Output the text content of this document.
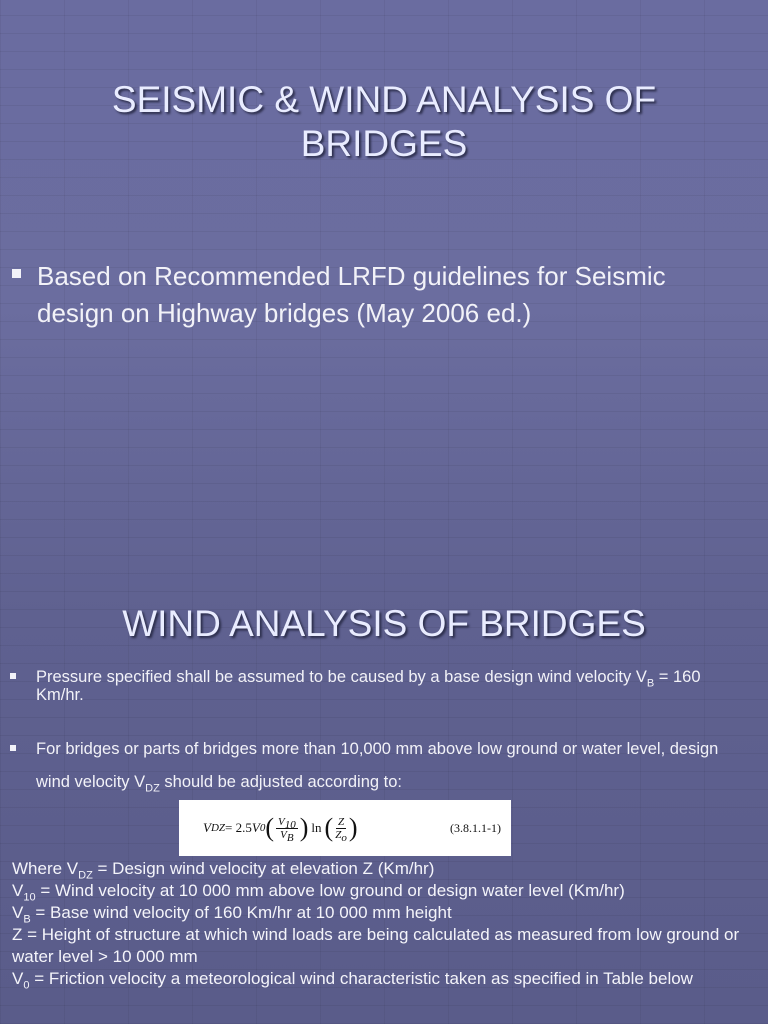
SEISMIC & WIND ANALYSIS OF BRIDGES
Based on Recommended LRFD guidelines for Seismic design on Highway bridges (May 2006 ed.)
WIND ANALYSIS OF BRIDGES
Pressure specified shall be assumed to be caused by a base design wind velocity $V_B = 160$ Km/hr.
For bridges or parts of bridges more than 10,000 mm above low ground or water level, design wind velocity $V_{DZ}$ should be adjusted according to:
V DZ = 2.5 V 0 ( $\frac{V_{10}}{V_B}$ ) ln ( $\frac{Z}{Z_o}$ )	(3.8.1.1-1)

Where $V_{DZ}$ = Design wind velocity at elevation Z (Km/hr)

$V_{10}$ = Wind velocity at 10 000 mm above low ground or design water level (Km/hr)

$V_B$ = Base wind velocity of 160 Km/hr at 10 000 mm height

Z = Height of structure at which wind loads are being calculated as measured from low ground or water level > 10 000 mm

$V_0$ = Friction velocity a meteorological wind characteristic taken as specified in Table below
